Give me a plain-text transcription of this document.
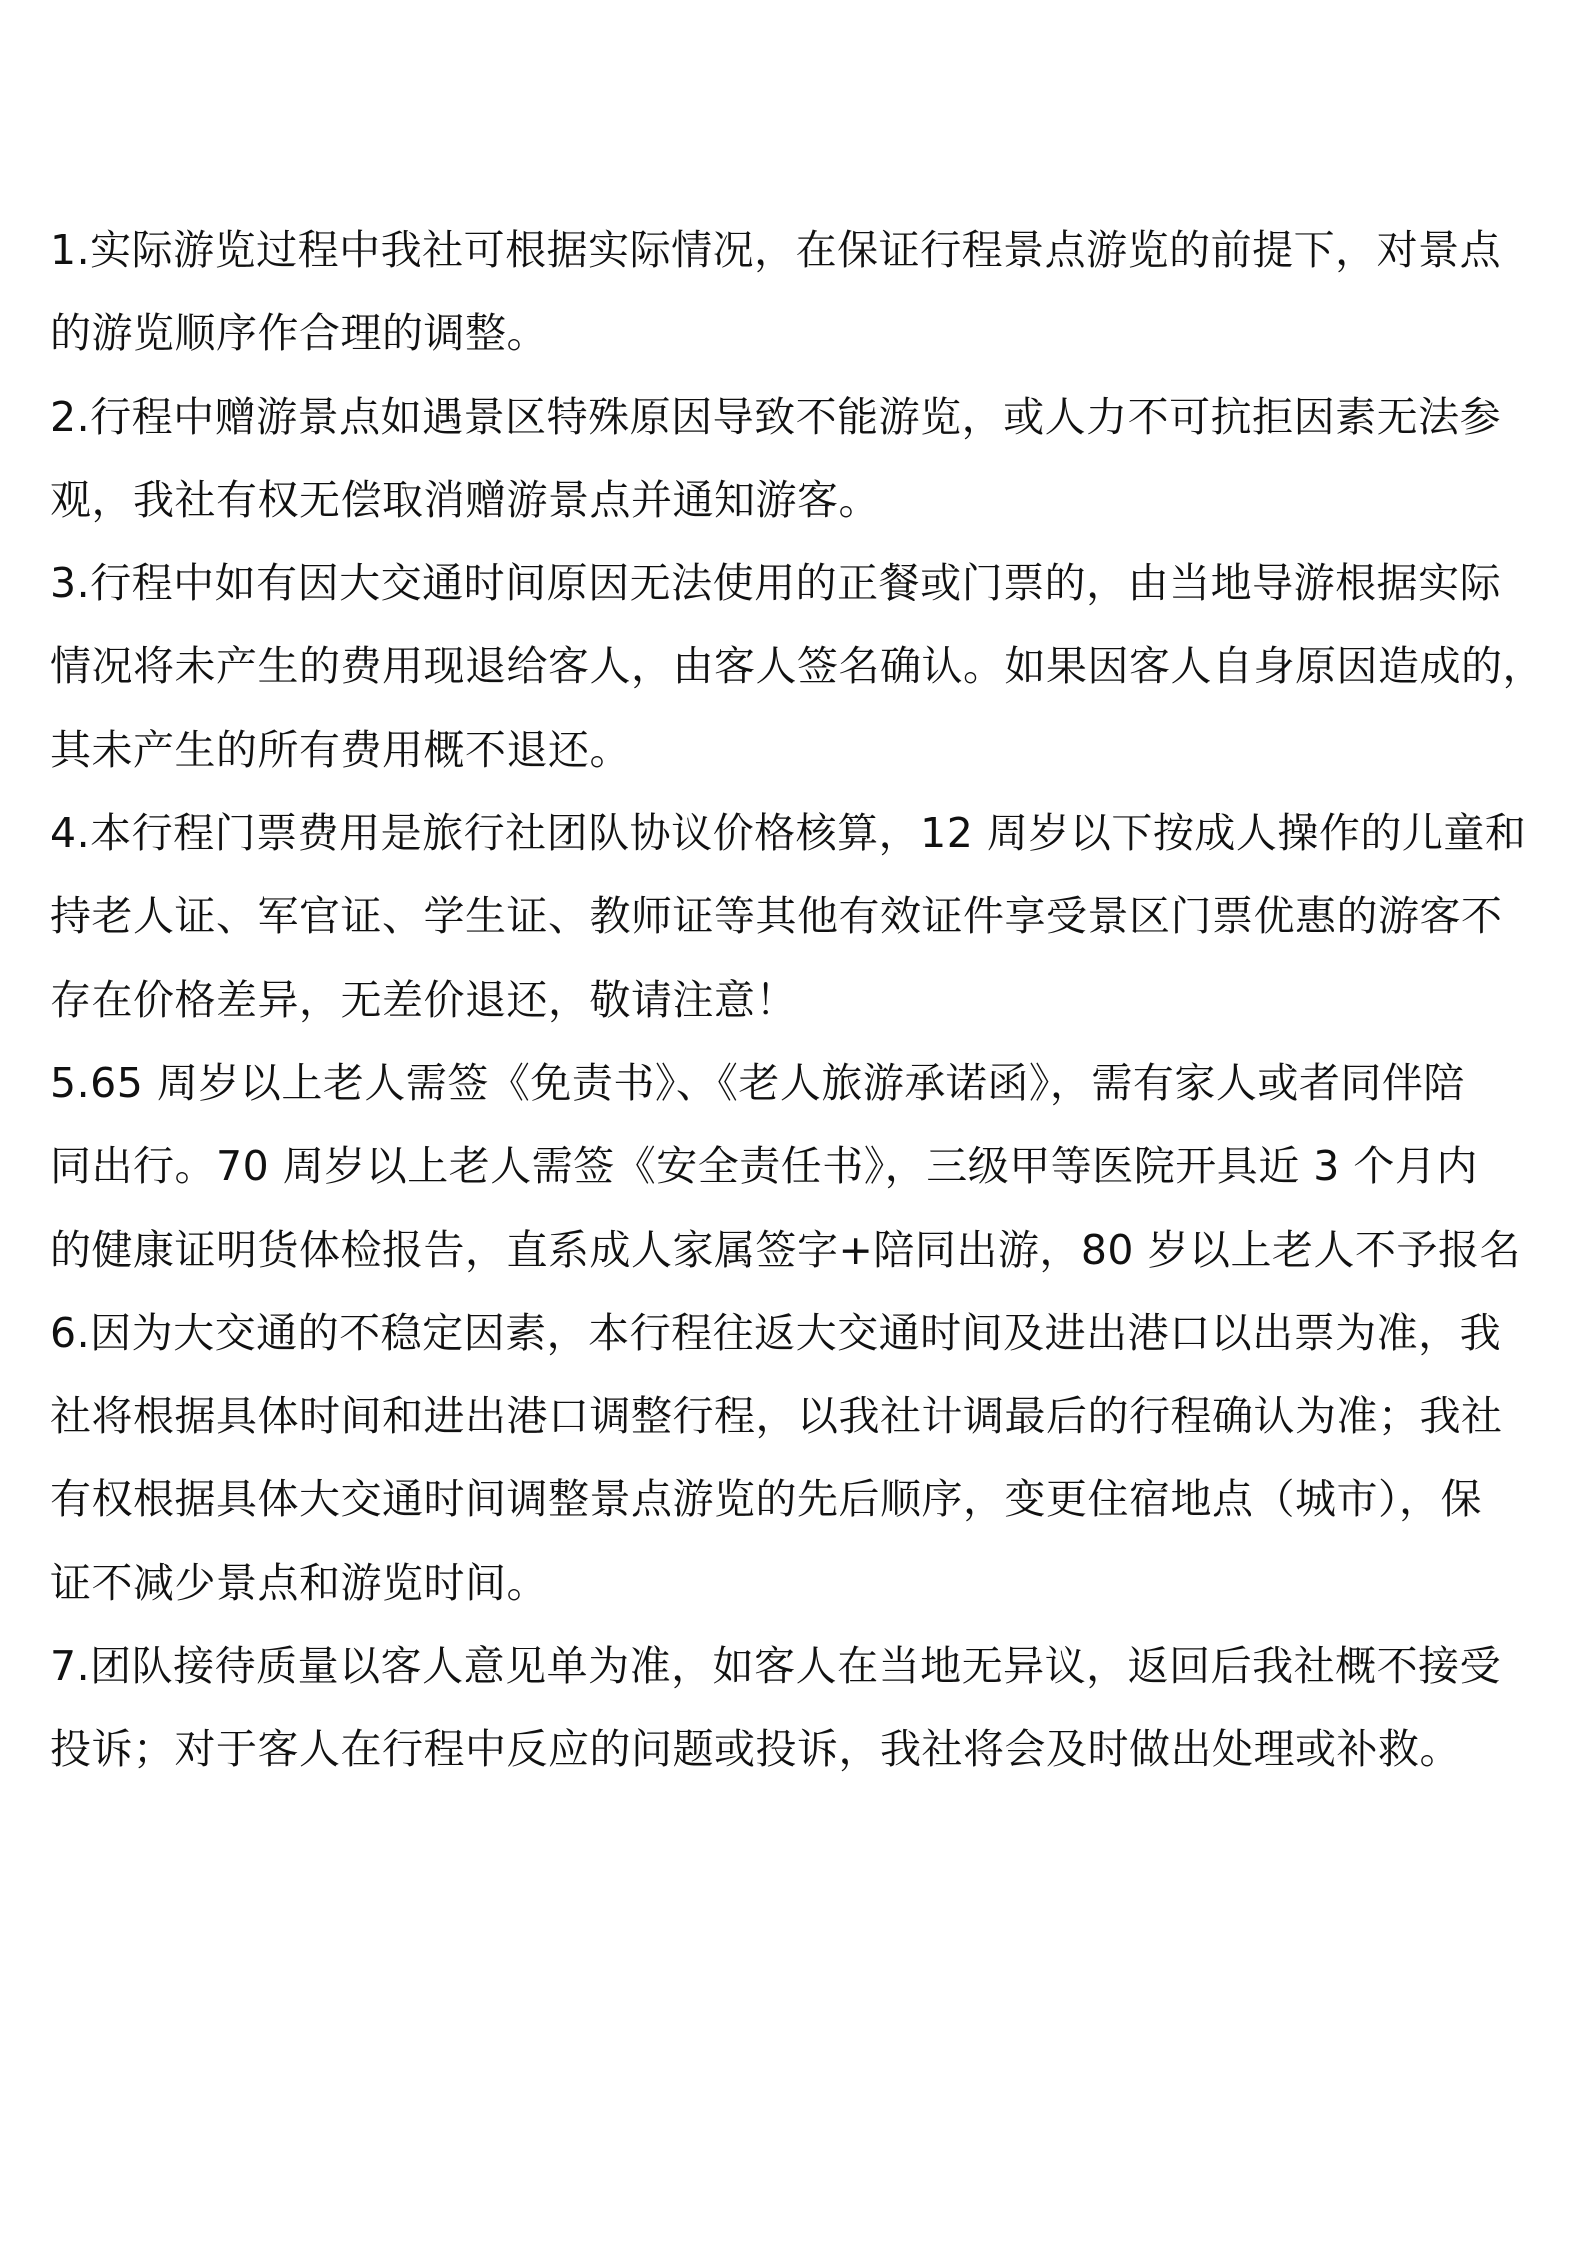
1.实际游览过程中我社可根据实际情况，在保证行程景点游览的前提下，对景点
的游览顺序作合理的调整。
2.行程中赠游景点如遇景区特殊原因导致不能游览，或人力不可抗拒因素无法参
观，我社有权无偿取消赠游景点并通知游客。
3.行程中如有因大交通时间原因无法使用的正餐或门票的，由当地导游根据实际
情况将未产生的费用现退给客人，由客人签名确认。如果因客人自身原因造成的，
其未产生的所有费用概不退还。
4.本行程门票费用是旅行社团队协议价格核算，12 周岁以下按成人操作的儿童和
持老人证、军官证、学生证、教师证等其他有效证件享受景区门票优惠的游客不
存在价格差异，无差价退还，敬请注意！
5.65 周岁以上老人需签《免责书》、《老人旅游承诺函》，需有家人或者同伴陪
同出行。70 周岁以上老人需签《安全责任书》，三级甲等医院开具近 3 个月内
的健康证明货体检报告，直系成人家属签字+陪同出游，80 岁以上老人不予报名
6.因为大交通的不稳定因素，本行程往返大交通时间及进出港口以出票为准，我
社将根据具体时间和进出港口调整行程，以我社计调最后的行程确认为准；我社
有权根据具体大交通时间调整景点游览的先后顺序，变更住宿地点（城市），保
证不减少景点和游览时间。
7.团队接待质量以客人意见单为准，如客人在当地无异议，返回后我社概不接受
投诉；对于客人在行程中反应的问题或投诉，我社将会及时做出处理或补救。
